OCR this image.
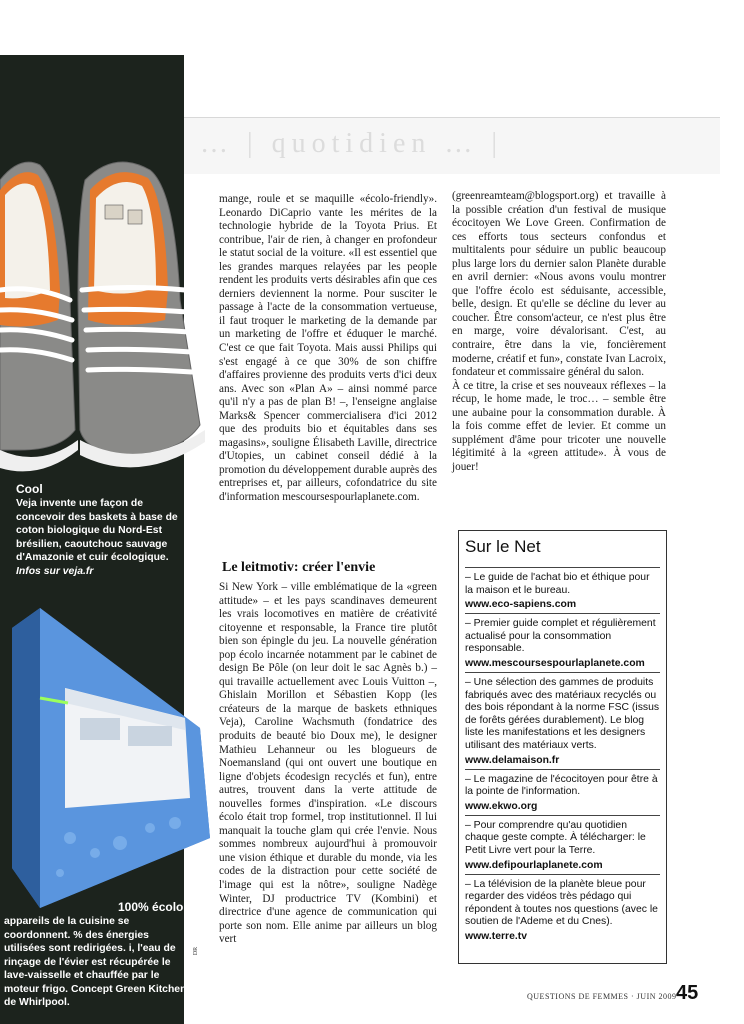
… | quotidien … |
Cool
Veja invente une façon de concevoir des baskets à base de coton biologique du Nord-Est brésilien, caoutchouc sauvage d'Amazonie et cuir écologique. Infos sur veja.fr
100% écolo
appareils de la cuisine se coordonnent. % des énergies utilisées sont redirigées. i, l'eau de rinçage de l'évier est récupérée le lave-vaisselle et chauffée par le moteur frigo. Concept Green Kitchen de Whirlpool.
DR

mange, roule et se maquille «écolo-friendly». Leonardo DiCaprio vante les mérites de la technologie hybride de la Toyota Prius. Et contribue, l'air de rien, à changer en profondeur le statut social de la voiture. «Il est essentiel que les grandes marques relayées par les people rendent les produits verts désirables afin que ces derniers deviennent la norme. Pour susciter le passage à l'acte de la consommation vertueuse, il faut troquer le marketing de la demande par un marketing de l'offre et éduquer le marché. C'est ce que fait Toyota. Mais aussi Philips qui s'est engagé à ce que 30% de son chiffre d'affaires provienne des produits verts d'ici deux ans. Avec son «Plan A» – ainsi nommé parce qu'il n'y a pas de plan B! –, l'enseigne anglaise Marks& Spencer commercialisera d'ici 2012 que des produits bio et équitables dans ses magasins», souligne Élisabeth Laville, directrice d'Utopies, un cabinet conseil dédié à la promotion du développement durable auprès des entreprises et, par ailleurs, cofondatrice du site d'information mescoursespourlaplanete.com.

Le leitmotiv: créer l'envie

Si New York – ville emblématique de la «green attitude» – et les pays scandinaves demeurent les vrais locomotives en matière de créativité citoyenne et responsable, la France tire plutôt bien son épingle du jeu. La nouvelle génération pop écolo incarnée notamment par le cabinet de design Be Pôle (on leur doit le sac Agnès b.) – qui travaille actuellement avec Louis Vuitton –, Ghislain Morillon et Sébastien Kopp (les créateurs de la marque de baskets ethniques Veja), Caroline Wachsmuth (fondatrice des produits de beauté bio Doux me), le designer Mathieu Lehanneur ou les blogueurs de Noemansland (qui ont ouvert une boutique en ligne d'objets écodesign recyclés et fun), entre autres, trouvent dans la verte attitude de nouvelles formes d'inspiration. «Le discours écolo était trop formel, trop institutionnel. Il lui manquait la touche glam qui crée l'envie. Nous sommes nombreux aujourd'hui à promouvoir une vision éthique et durable du monde, via les codes de la distraction pour cette société de l'image qui est la nôtre», souligne Nadège Winter, DJ productrice TV (Kombini) et directrice d'une agence de communication qui porte son nom. Elle anime par ailleurs un blog vert

(greenreamteam@blogsport.org) et travaille à la possible création d'un festival de musique écocitoyen We Love Green. Confirmation de ces efforts tous secteurs confondus et multitalents pour séduire un public beaucoup plus large lors du dernier salon Planète durable en avril dernier: «Nous avons voulu montrer que l'offre écolo est séduisante, accessible, belle, design. Et qu'elle se décline du lever au coucher. Être consom'acteur, ce n'est plus être en marge, voire dévalorisant. C'est, au contraire, être dans la vie, foncièrement moderne, créatif et fun», constate Ivan Lacroix, fondateur et commissaire général du salon.

À ce titre, la crise et ses nouveaux réflexes – la récup, le home made, le troc… – semble être une aubaine pour la consommation durable. À la fois comme effet de levier. Et comme un supplément d'âme pour tricoter une nouvelle légitimité à la «green attitude». À vous de jouer!

Sur le Net
– Le guide de l'achat bio et éthique pour la maison et le bureau.
www.eco-sapiens.com
– Premier guide complet et régulièrement actualisé pour la consommation responsable.
www.mescoursespourlaplanete.com
– Une sélection des gammes de produits fabriqués avec des matériaux recyclés ou des bois répondant à la norme FSC (issus de forêts gérées durablement). Le blog liste les manifestations et les designers utilisant des matériaux verts.
www.delamaison.fr
– Le magazine de l'écocitoyen pour être à la pointe de l'information.
www.ekwo.org
– Pour comprendre qu'au quotidien chaque geste compte. À télécharger: le Petit Livre vert pour la Terre.
www.defipourlaplanete.com
– La télévision de la planète bleue pour regarder des vidéos très pédago qui répondent à toutes nos questions (avec le soutien de l'Ademe et du Cnes).
www.terre.tv
QUESTIONS DE FEMMES · JUIN 2009 45
